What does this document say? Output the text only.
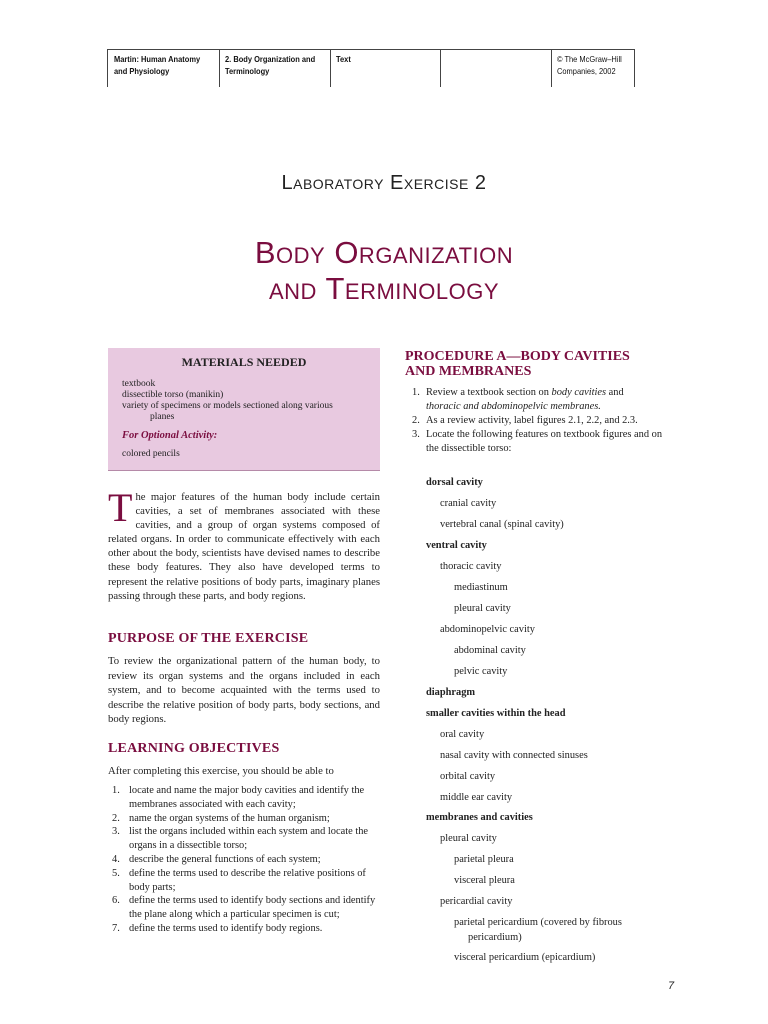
Martin: Human Anatomy
and Physiology
2. Body Organization and
Terminology
Text	© The McGraw–Hill
Companies, 2002
Laboratory Exercise 2
Body Organization
and Terminology
MATERIALS NEEDED
textbook
dissectible torso (manikin)
variety of specimens or models sectioned along various
planes
For Optional Activity:
colored pencils
The major features of the human body include certain cavities, a set of membranes associated with these cavities, and a group of organ systems composed of related organs. In order to communicate effectively with each other about the body, scientists have devised names to describe these body features. They also have developed terms to represent the relative positions of body parts, imaginary planes passing through these parts, and body regions.
PURPOSE OF THE EXERCISE
To review the organizational pattern of the human body, to review its organ systems and the organs included in each system, and to become acquainted with the terms used to describe the relative position of body parts, body sections, and body regions.
LEARNING OBJECTIVES
After completing this exercise, you should be able to
1. locate and name the major body cavities and identify the membranes associated with each cavity;
2. name the organ systems of the human organism;
3. list the organs included within each system and locate the organs in a dissectible torso;
4. describe the general functions of each system;
5. define the terms used to describe the relative positions of body parts;
6. define the terms used to identify body sections and identify the plane along which a particular specimen is cut;
7. define the terms used to identify body regions.
PROCEDURE A—BODY CAVITIES
AND MEMBRANES
1. Review a textbook section on body cavities and
thoracic and abdominopelvic membranes.
2. As a review activity, label figures 2.1, 2.2, and 2.3.
3. Locate the following features on textbook figures and on the dissectible torso:
dorsal cavity
cranial cavity
vertebral canal (spinal cavity)
ventral cavity
thoracic cavity
mediastinum
pleural cavity
abdominopelvic cavity
abdominal cavity
pelvic cavity
diaphragm
smaller cavities within the head
oral cavity
nasal cavity with connected sinuses
orbital cavity
middle ear cavity
membranes and cavities
pleural cavity
parietal pleura
visceral pleura
pericardial cavity
parietal pericardium (covered by fibrous
pericardium)
visceral pericardium (epicardium)
7
